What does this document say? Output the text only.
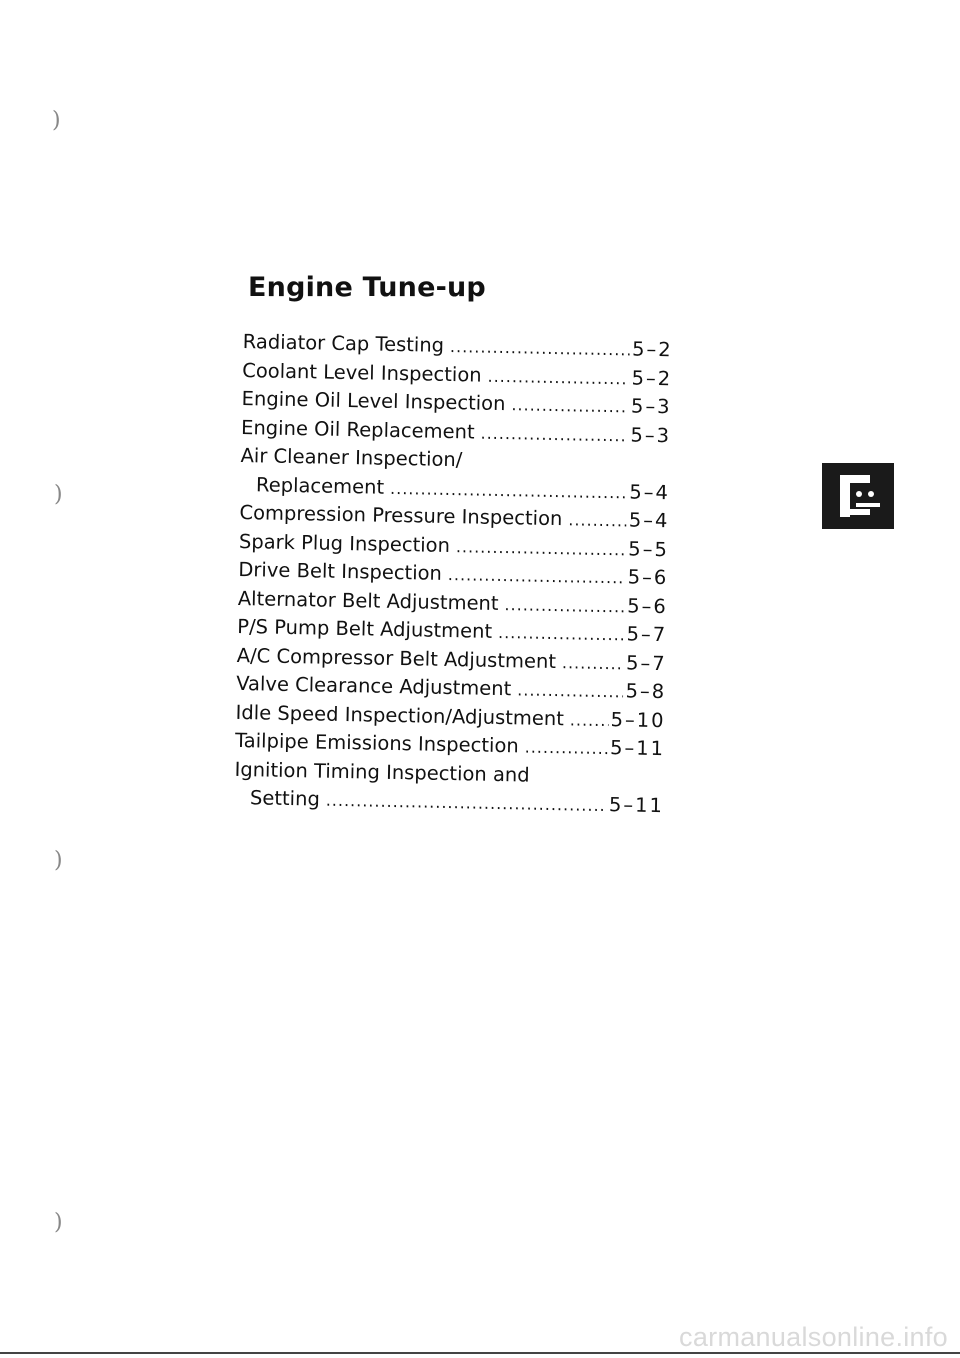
)
)
)
)
Engine Tune-up
Radiator Cap Testing .....	5–2
Coolant Level Inspection .....	5–2
Engine Oil Level Inspection .....	5–3
Engine Oil Replacement .....	5–3
Air Cleaner Inspection/
Replacement .....	5–4
Compression Pressure Inspection .....	5–4
Spark Plug Inspection .....	5–5
Drive Belt Inspection .....	5–6
Alternator Belt Adjustment .....	5–6
P/S Pump Belt Adjustment .....	5–7
A/C Compressor Belt Adjustment .....	5–7
Valve Clearance Adjustment .....	5–8
Idle Speed Inspection/Adjustment ..... 5–10
Tailpipe Emissions Inspection .....	5–11
Ignition Timing Inspection and
Setting .....	5–11
carmanualsonline.info
